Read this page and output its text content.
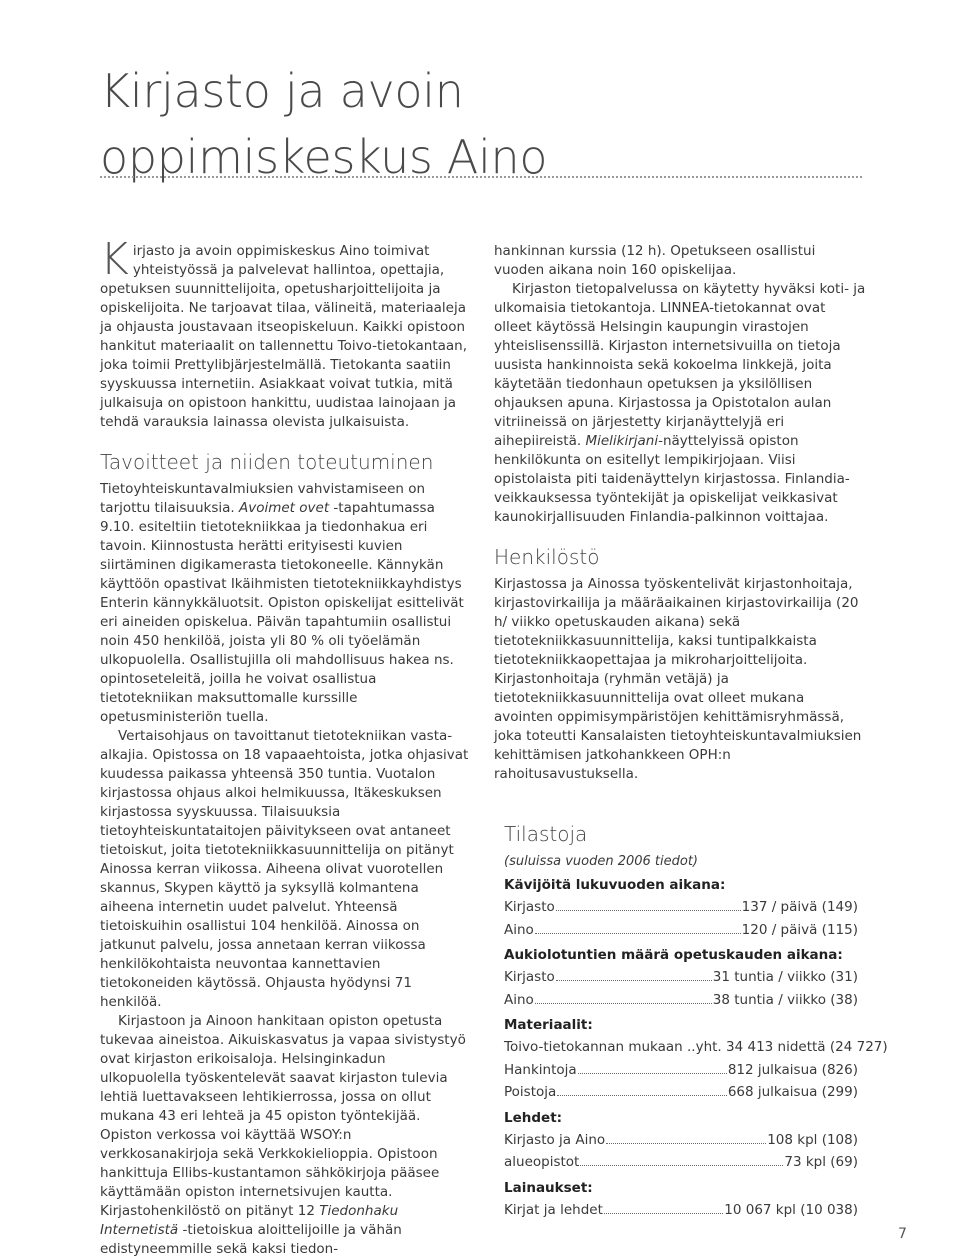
Kirjasto ja avoin
oppimiskeskus Aino

Kirjasto ja avoin oppimiskeskus Aino toimivat yhteistyössä ja palvelevat hallintoa, opettajia, opetuksen suunnittelijoita, opetusharjoittelijoita ja opiskelijoita. Ne tarjoavat tilaa, välineitä, materiaaleja ja ohjausta joustavaan itseopiskeluun. Kaikki opistoon hankitut materiaalit on tallennettu Toivo-tietokantaan, joka toimii Prettylibjärjestelmällä. Tietokanta saatiin syyskuussa internetiin. Asiakkaat voivat tutkia, mitä julkaisuja on opistoon hankittu, uudistaa lainojaan ja tehdä varauksia lainassa olevista julkaisuista.

Tavoitteet ja niiden toteutuminen

Tietoyhteiskuntavalmiuksien vahvistamiseen on tarjottu tilaisuuksia. Avoimet ovet -tapahtumassa 9.10. esiteltiin tietotekniikkaa ja tiedonhakua eri tavoin. Kiinnostusta herätti erityisesti kuvien siirtäminen digikamerasta tietokoneelle. Kännykän käyttöön opastivat Ikäihmisten tietotekniikkayhdistys Enterin kännykkäluotsit. Opiston opiskelijat esittelivät eri aineiden opiskelua. Päivän tapahtumiin osallistui noin 450 henkilöä, joista yli 80 % oli työelämän ulkopuolella. Osallistujilla oli mahdollisuus hakea ns. opintoseteleitä, joilla he voivat osallistua tietotekniikan maksuttomalle kurssille opetusministeriön tuella.

Vertaisohjaus on tavoittanut tietotekniikan vasta-alkajia. Opistossa on 18 vapaaehtoista, jotka ohjasivat kuudessa paikassa yhteensä 350 tuntia. Vuotalon kirjastossa ohjaus alkoi helmikuussa, Itäkeskuksen kirjastossa syyskuussa. Tilaisuuksia tietoyhteiskuntataitojen päivitykseen ovat antaneet tietoiskut, joita tietotekniikkasuunnittelija on pitänyt Ainossa kerran viikossa. Aiheena olivat vuorotellen skannus, Skypen käyttö ja syksyllä kolmantena aiheena internetin uudet palvelut. Yhteensä tietoiskuihin osallistui 104 henkilöä. Ainossa on jatkunut palvelu, jossa annetaan kerran viikossa henkilökohtaista neuvontaa kannettavien tietokoneiden käytössä. Ohjausta hyödynsi 71 henkilöä.

Kirjastoon ja Ainoon hankitaan opiston opetusta tukevaa aineistoa. Aikuiskasvatus ja vapaa sivistystyö ovat kirjaston erikoisaloja. Helsinginkadun ulkopuolella työskentelevät saavat kirjaston tulevia lehtiä luettavakseen lehtikierrossa, jossa on ollut mukana 43 eri lehteä ja 45 opiston työntekijää. Opiston verkossa voi käyttää WSOY:n verkkosanakirjoja sekä Verkkokielioppia. Opistoon hankittuja Ellibs-kustantamon sähkökirjoja pääsee käyttämään opiston internetsivujen kautta. Kirjastohenkilöstö on pitänyt 12 Tiedonhaku Internetistä -tietoiskua aloittelijoille ja vähän edistyneemmille sekä kaksi tiedon-

hankinnan kurssia (12 h). Opetukseen osallistui vuoden aikana noin 160 opiskelijaa.

Kirjaston tietopalvelussa on käytetty hyväksi koti- ja ulkomaisia tietokantoja. LINNEA-tietokannat ovat olleet käytössä Helsingin kaupungin virastojen yhteislisenssillä. Kirjaston internetsivuilla on tietoja uusista hankinnoista sekä kokoelma linkkejä, joita käytetään tiedonhaun opetuksen ja yksilöllisen ohjauksen apuna. Kirjastossa ja Opistotalon aulan vitriineissä on järjestetty kirjanäyttelyjä eri aihepiireistä. Mielikirjani-näyttelyissä opiston henkilökunta on esitellyt lempikirjojaan. Viisi opistolaista piti taidenäyttelyn kirjastossa. Finlandia-veikkauksessa työntekijät ja opiskelijat veikkasivat kaunokirjallisuuden Finlandia-palkinnon voittajaa.

Henkilöstö

Kirjastossa ja Ainossa työskentelivät kirjastonhoitaja, kirjastovirkailija ja määräaikainen kirjastovirkailija (20 h/ viikko opetuskauden aikana) sekä tietotekniikkasuunnittelija, kaksi tuntipalkkaista tietotekniikkaopettajaa ja mikroharjoittelijoita. Kirjastonhoitaja (ryhmän vetäjä) ja tietotekniikkasuunnittelija ovat olleet mukana avointen oppimisympäristöjen kehittämisryhmässä, joka toteutti Kansalaisten tietoyhteiskuntavalmiuksien kehittämisen jatkohankkeen OPH:n rahoitusavustuksella.

Tilastoja
(suluissa vuoden 2006 tiedot)
Kävijöitä lukuvuoden aikana:
Kirjasto	137 / päivä (149)
Aino	120 / päivä (115)
Aukiolotuntien määrä opetuskauden aikana:
Kirjasto	31 tuntia / viikko (31)
Aino	38 tuntia / viikko (38)
Materiaalit:
Toivo-tietokannan mukaan ..yht. 34 413 nidettä (24 727)
Hankintoja	812 julkaisua (826)
Poistoja	668 julkaisua (299)
Lehdet:
Kirjasto ja Aino	108 kpl (108)
alueopistot	73 kpl (69)
Lainaukset:
Kirjat ja lehdet	10 067 kpl (10 038)
7
